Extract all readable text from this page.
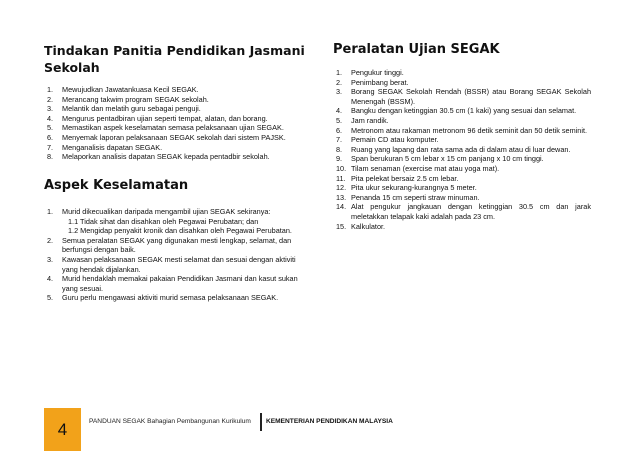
Tindakan Panitia Pendidikan Jasmani Sekolah
1. Mewujudkan Jawatankuasa Kecil SEGAK.
2. Merancang takwim program SEGAK sekolah.
3. Melantik dan melatih guru sebagai penguji.
4. Mengurus pentadbiran ujian seperti tempat, alatan, dan borang.
5. Memastikan aspek keselamatan semasa pelaksanaan ujian SEGAK.
6. Menyemak laporan pelaksanaan SEGAK sekolah dari sistem PAJSK.
7. Menganalisis dapatan SEGAK.
8. Melaporkan analisis dapatan SEGAK kepada pentadbir sekolah.
Aspek Keselamatan
1. Murid dikecualikan daripada mengambil ujian SEGAK sekiranya:
1.1 Tidak sihat dan disahkan oleh Pegawai Perubatan; dan
1.2 Mengidap penyakit kronik dan disahkan oleh Pegawai Perubatan.
2. Semua peralatan SEGAK yang digunakan mesti lengkap, selamat, dan berfungsi dengan baik.
3. Kawasan pelaksanaan SEGAK mesti selamat dan sesuai dengan aktiviti yang hendak dijalankan.
4. Murid hendaklah memakai pakaian Pendidikan Jasmani dan kasut sukan yang sesuai.
5. Guru perlu mengawasi aktiviti murid semasa pelaksanaan SEGAK.
Peralatan Ujian SEGAK
1. Pengukur tinggi.
2. Penimbang berat.
3. Borang SEGAK Sekolah Rendah (BSSR) atau Borang SEGAK Sekolah Menengah (BSSM).
4. Bangku dengan ketinggian 30.5 cm (1 kaki) yang sesuai dan selamat.
5. Jam randik.
6. Metronom atau rakaman metronom 96 detik seminit dan 50 detik seminit.
7. Pemain CD atau komputer.
8. Ruang yang lapang dan rata sama ada di dalam atau di luar dewan.
9. Span berukuran 5 cm lebar x 15 cm panjang x 10 cm tinggi.
10. Tilam senaman (exercise mat atau yoga mat).
11. Pita pelekat bersaiz 2.5 cm lebar.
12. Pita ukur sekurang-kurangnya 5 meter.
13. Penanda 15 cm seperti straw minuman.
14. Alat pengukur jangkauan dengan ketinggian 30.5 cm dan jarak meletakkan telapak kaki adalah pada 23 cm.
15. Kalkulator.
4	PANDUAN SEGAK Bahagian Pembangunan Kurikulum KEMENTERIAN PENDIDIKAN MALAYSIA
